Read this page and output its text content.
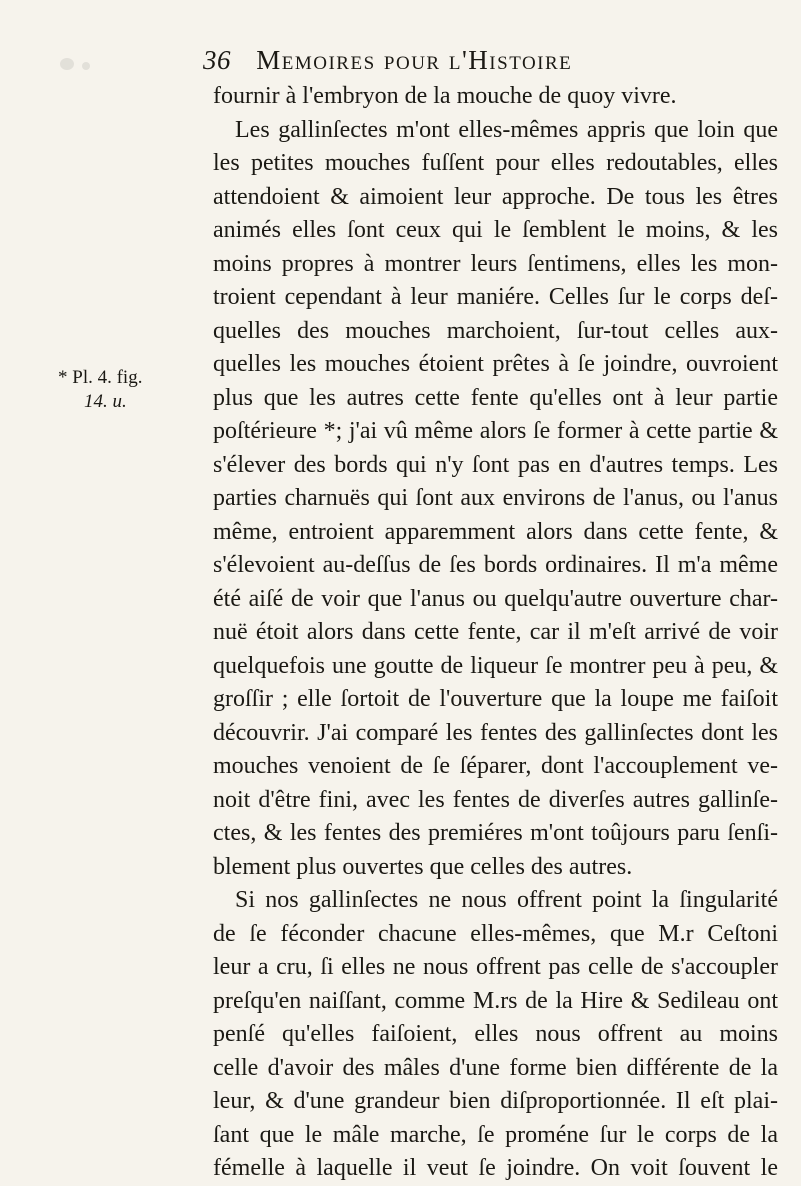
36 Memoires pour l'Histoire
* Pl. 4. fig.
14. u.
fournir à l'embryon de la mouche de quoy vivre.
Les gallinſectes m'ont elles-mêmes appris que loin que
les petites mouches fuſſent pour elles redoutables, elles
attendoient & aimoient leur approche. De tous les êtres
animés elles ſont ceux qui le ſemblent le moins, & les
moins propres à montrer leurs ſentimens, elles les mon-
troient cependant à leur maniére. Celles ſur le corps deſ-
quelles des mouches marchoient, ſur-tout celles aux-
quelles les mouches étoient prêtes à ſe joindre, ouvroient
plus que les autres cette fente qu'elles ont à leur partie
poſtérieure *; j'ai vû même alors ſe former à cette partie &
s'élever des bords qui n'y ſont pas en d'autres temps. Les
parties charnuës qui ſont aux environs de l'anus, ou l'anus
même, entroient apparemment alors dans cette fente, &
s'élevoient au-deſſus de ſes bords ordinaires. Il m'a même
été aiſé de voir que l'anus ou quelqu'autre ouverture char-
nuë étoit alors dans cette fente, car il m'eſt arrivé de voir
quelquefois une goutte de liqueur ſe montrer peu à peu, &
groſſir ; elle ſortoit de l'ouverture que la loupe me faiſoit
découvrir. J'ai comparé les fentes des gallinſectes dont les
mouches venoient de ſe ſéparer, dont l'accouplement ve-
noit d'être fini, avec les fentes de diverſes autres gallinſe-
ctes, & les fentes des premiéres m'ont toûjours paru ſenſi-
blement plus ouvertes que celles des autres.
Si nos gallinſectes ne nous offrent point la ſingularité
de ſe féconder chacune elles-mêmes, que M.r Ceſtoni
leur a cru, ſi elles ne nous offrent pas celle de s'accoupler
preſqu'en naiſſant, comme M.rs de la Hire & Sedileau ont
penſé qu'elles faiſoient, elles nous offrent au moins
celle d'avoir des mâles d'une forme bien différente de la
leur, & d'une grandeur bien diſproportionnée. Il eſt plai-
ſant que le mâle marche, ſe proméne ſur le corps de la
fémelle à laquelle il veut ſe joindre. On voit ſouvent le
